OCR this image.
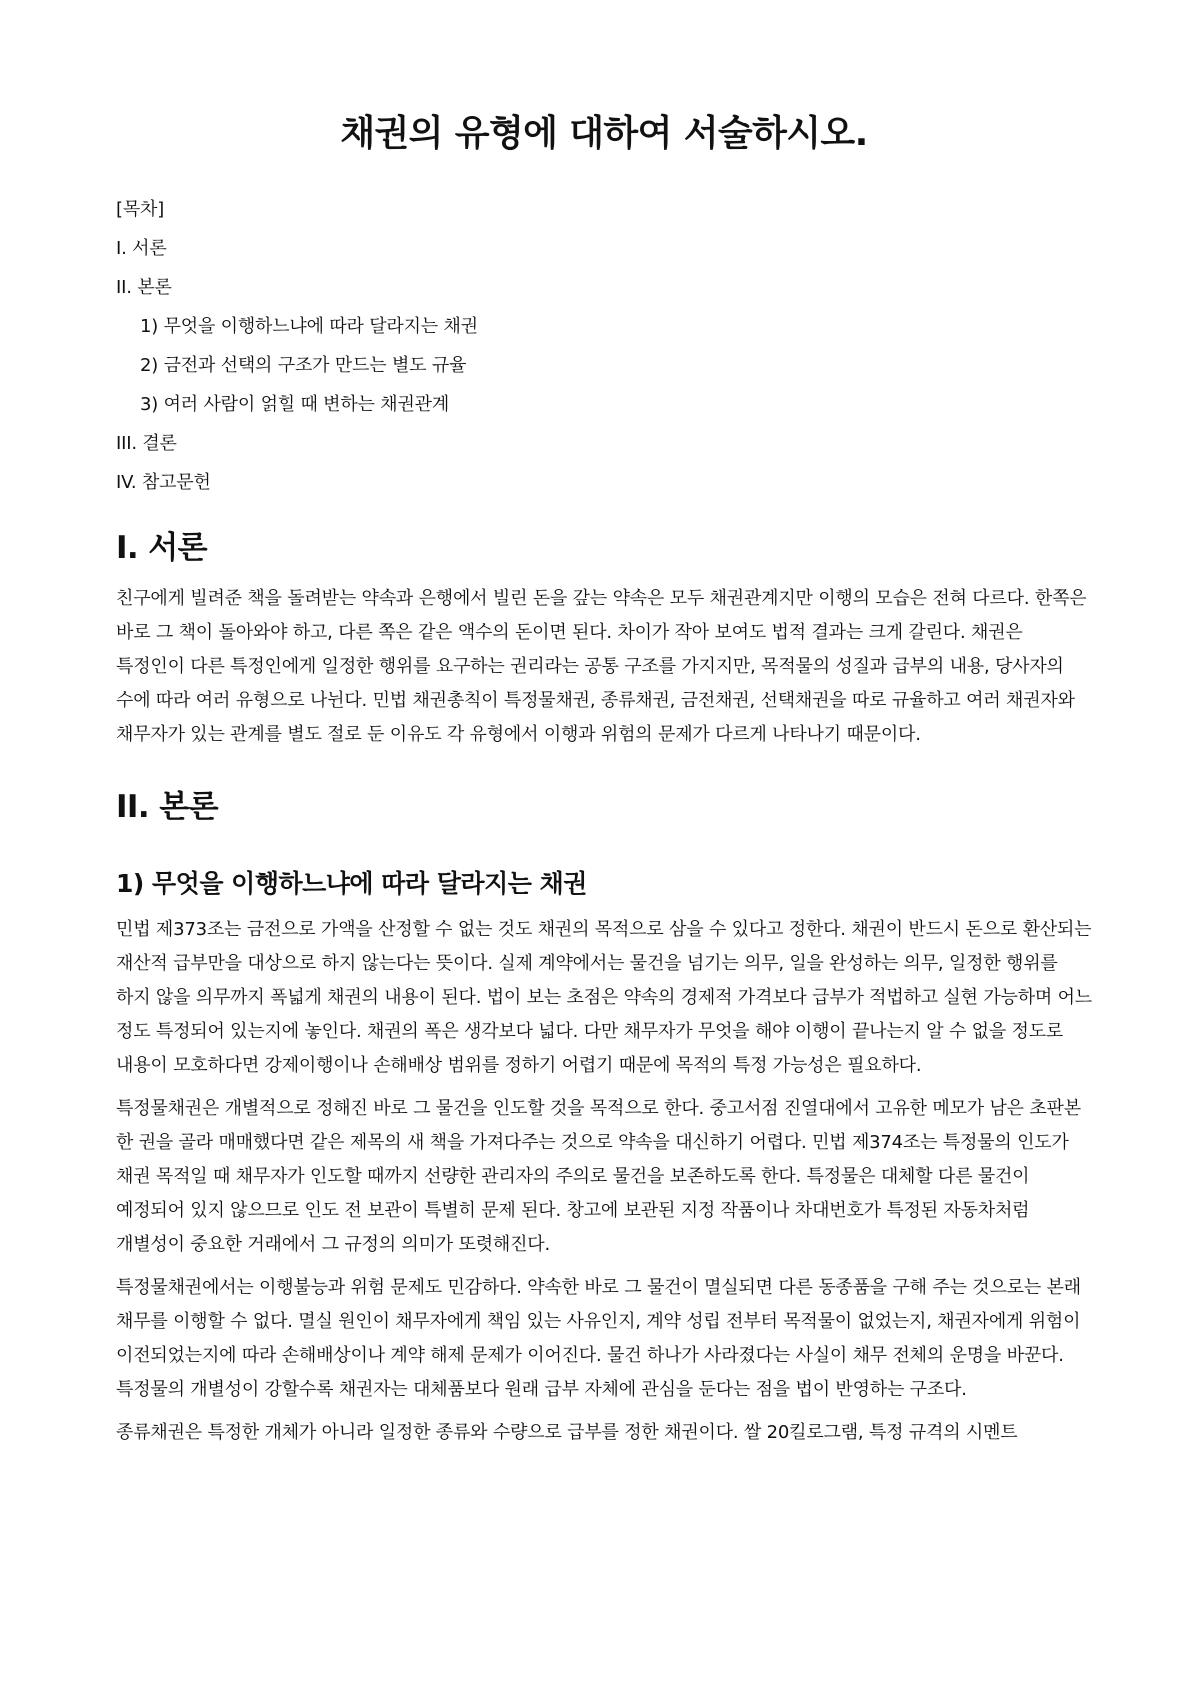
채권의 유형에 대하여 서술하시오.
[목차]
I. 서론
II. 본론
1) 무엇을 이행하느냐에 따라 달라지는 채권
2) 금전과 선택의 구조가 만드는 별도 규율
3) 여러 사람이 얽힐 때 변하는 채권관계
III. 결론
IV. 참고문헌
I. 서론

친구에게 빌려준 책을 돌려받는 약속과 은행에서 빌린 돈을 갚는 약속은 모두 채권관계지만 이행의 모습은 전혀 다르다. 한쪽은 바로 그 책이 돌아와야 하고, 다른 쪽은 같은 액수의 돈이면 된다. 차이가 작아 보여도 법적 결과는 크게 갈린다. 채권은 특정인이 다른 특정인에게 일정한 행위를 요구하는 권리라는 공통 구조를 가지지만, 목적물의 성질과 급부의 내용, 당사자의 수에 따라 여러 유형으로 나뉜다. 민법 채권총칙이 특정물채권, 종류채권, 금전채권, 선택채권을 따로 규율하고 여러 채권자와 채무자가 있는 관계를 별도 절로 둔 이유도 각 유형에서 이행과 위험의 문제가 다르게 나타나기 때문이다.

II. 본론
1) 무엇을 이행하느냐에 따라 달라지는 채권

민법 제373조는 금전으로 가액을 산정할 수 없는 것도 채권의 목적으로 삼을 수 있다고 정한다. 채권이 반드시 돈으로 환산되는 재산적 급부만을 대상으로 하지 않는다는 뜻이다. 실제 계약에서는 물건을 넘기는 의무, 일을 완성하는 의무, 일정한 행위를 하지 않을 의무까지 폭넓게 채권의 내용이 된다. 법이 보는 초점은 약속의 경제적 가격보다 급부가 적법하고 실현 가능하며 어느 정도 특정되어 있는지에 놓인다. 채권의 폭은 생각보다 넓다. 다만 채무자가 무엇을 해야 이행이 끝나는지 알 수 없을 정도로 내용이 모호하다면 강제이행이나 손해배상 범위를 정하기 어렵기 때문에 목적의 특정 가능성은 필요하다.

특정물채권은 개별적으로 정해진 바로 그 물건을 인도할 것을 목적으로 한다. 중고서점 진열대에서 고유한 메모가 남은 초판본 한 권을 골라 매매했다면 같은 제목의 새 책을 가져다주는 것으로 약속을 대신하기 어렵다. 민법 제374조는 특정물의 인도가 채권 목적일 때 채무자가 인도할 때까지 선량한 관리자의 주의로 물건을 보존하도록 한다. 특정물은 대체할 다른 물건이 예정되어 있지 않으므로 인도 전 보관이 특별히 문제 된다. 창고에 보관된 지정 작품이나 차대번호가 특정된 자동차처럼 개별성이 중요한 거래에서 그 규정의 의미가 또렷해진다.

특정물채권에서는 이행불능과 위험 문제도 민감하다. 약속한 바로 그 물건이 멸실되면 다른 동종품을 구해 주는 것으로는 본래 채무를 이행할 수 없다. 멸실 원인이 채무자에게 책임 있는 사유인지, 계약 성립 전부터 목적물이 없었는지, 채권자에게 위험이 이전되었는지에 따라 손해배상이나 계약 해제 문제가 이어진다. 물건 하나가 사라졌다는 사실이 채무 전체의 운명을 바꾼다. 특정물의 개별성이 강할수록 채권자는 대체품보다 원래 급부 자체에 관심을 둔다는 점을 법이 반영하는 구조다.

종류채권은 특정한 개체가 아니라 일정한 종류와 수량으로 급부를 정한 채권이다. 쌀 20킬로그램, 특정 규격의 시멘트
